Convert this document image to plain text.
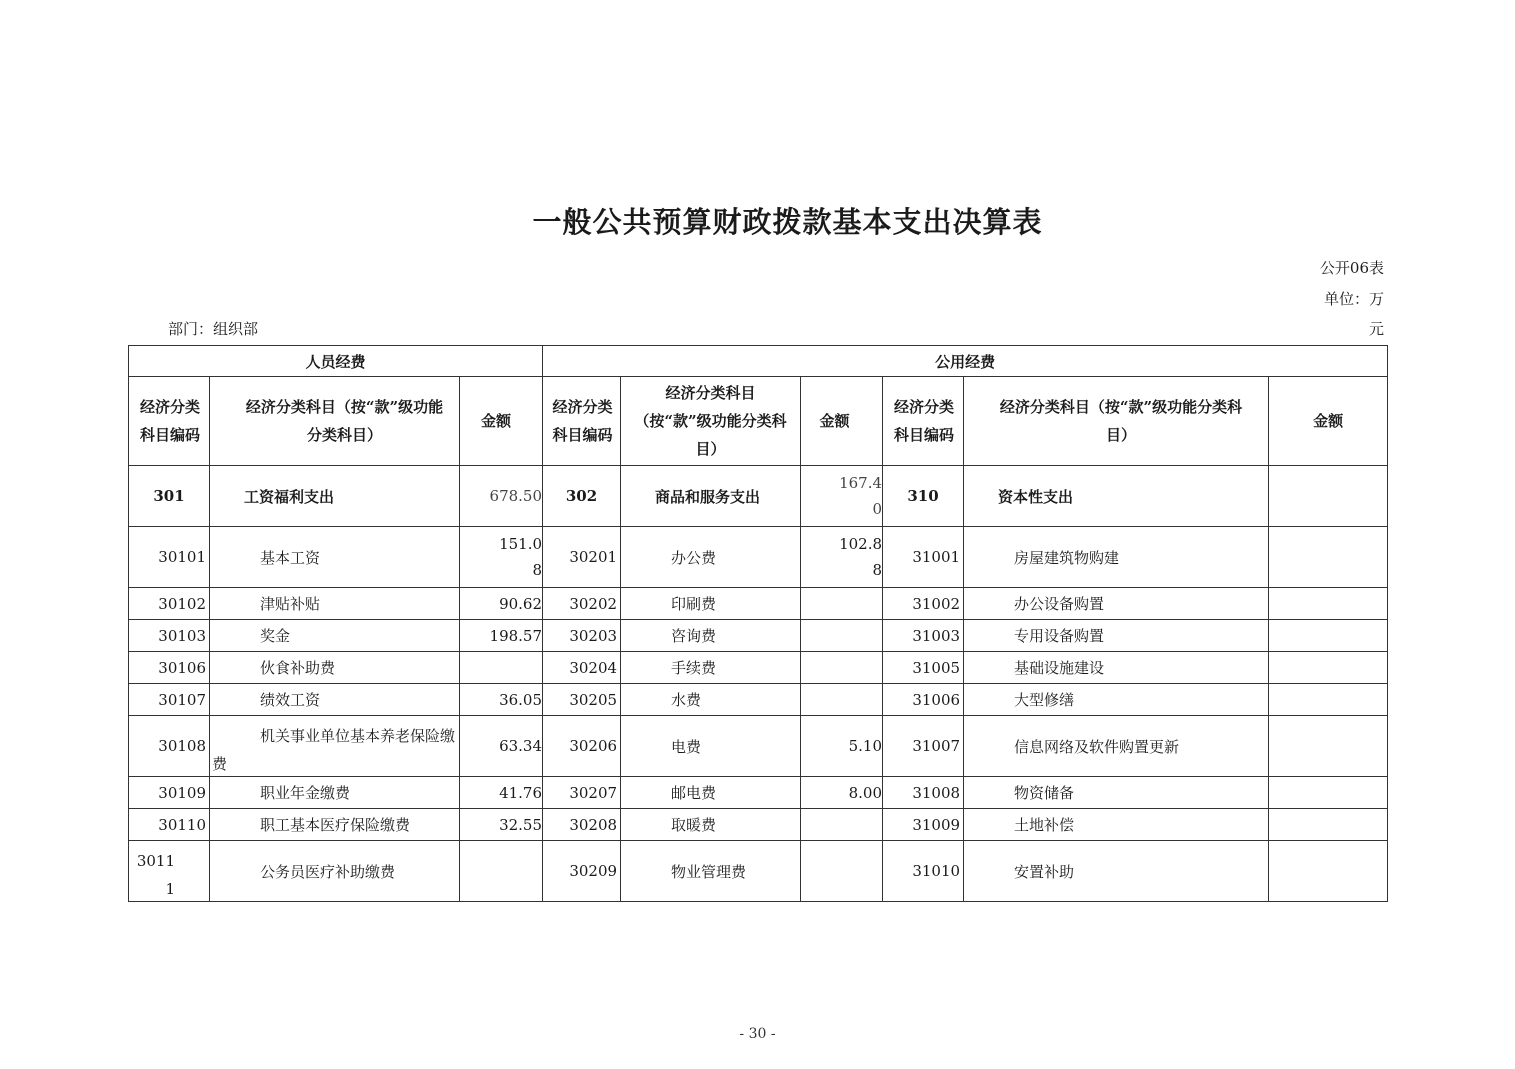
一般公共预算财政拨款基本支出决算表
公开06表
单位：万
元
部门：组织部
人员经费			公用经费					
经济分类科目编码	经济分类科目（按“款”级功能分类科目）	金额	经济分类科目编码	经济分类科目（按“款”级功能分类科目）	金额	经济分类科目编码	经济分类科目（按“款”级功能分类科目）	金额
301	工资福利支出	678.50	302	商品和服务支出	167.40	310	资本性支出	
30101	基本工资	151.08	30201	办公费	102.88	31001	房屋建筑物购建	
30102	津贴补贴	90.62	30202	印刷费		31002	办公设备购置	
30103	奖金	198.57	30203	咨询费		31003	专用设备购置	
30106	伙食补助费		30204	手续费		31005	基础设施建设	
30107	绩效工资	36.05	30205	水费		31006	大型修缮	
30108	机关事业单位基本养老保险缴费	63.34	30206	电费	5.10	31007	信息网络及软件购置更新	
30109	职业年金缴费	41.76	30207	邮电费	8.00	31008	物资储备	
30110	职工基本医疗保险缴费	32.55	30208	取暖费		31009	土地补偿	

30111	公务员医疗补助缴费		30209	物业管理费		31010	安置补助	
- 30 -
